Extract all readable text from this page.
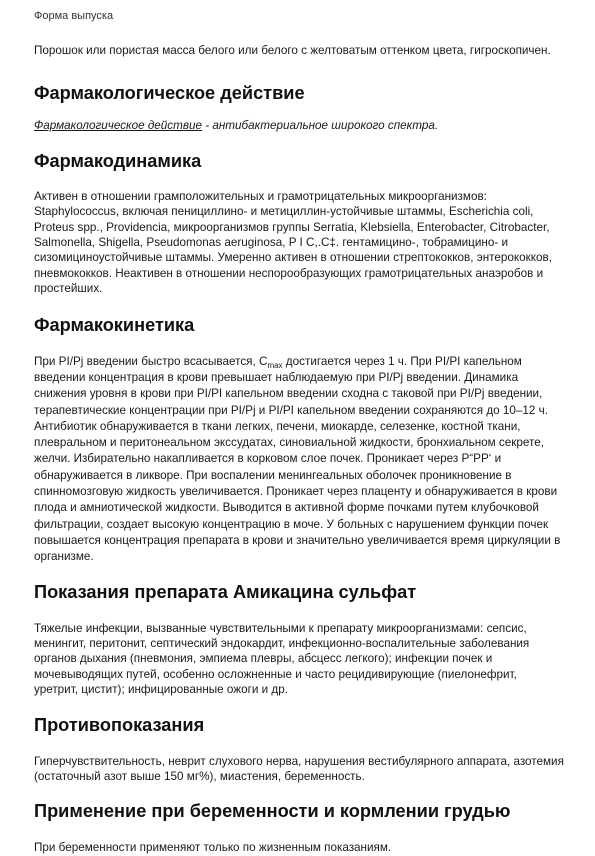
Форма выпуска

Порошок или пористая масса белого или белого с желтоватым оттенком цвета, гигроскопичен.

Фармакологическое действие

Фармакологическое действие - антибактериальное широкого спектра.

Фармакодинамика

Активен в отношении грамположительных и грамотрицательных микроорганизмов: Staphylococcus, включая пенициллино- и метициллин-устойчивые штаммы, Escherichia coli, Proteus spp., Providencia, микроорганизмов группы Serratia, Klebsiella, Enterobacter, Citrobacter, Salmonella, Shigella, Pseudomonas aeruginosa, P I C,.C‡. гентамицино-, тобрамицино- и сизомициноустойчивые штаммы. Умеренно активен в отношении стрептококков, энтерококков, пневмококков. Неактивен в отношении неспорообразующих грамотрицательных анаэробов и простейших.

Фармакокинетика

При PI/Pj введении быстро всасывается, $C_{max}$ достигается через 1 ч. При PI/PI капельном введении концентрация в крови превышает наблюдаемую при PI/Pj введении. Динамика снижения уровня в крови при PI/PI капельном введении сходна с таковой при PI/Pj введении, терапевтические концентрации при PI/Pj и PI/PI капельном введении сохраняются до 10–12 ч. Антибиотик обнаруживается в ткани легких, печени, миокарде, селезенке, костной ткани, плевральном и перитонеальном экссудатах, синовиальной жидкости, бронхиальном секрете, желчи. Избирательно накапливается в корковом слое почек. Проникает через P“PP‘ и обнаруживается в ликворе. При воспалении менингеальных оболочек проникновение в спинномозговую жидкость увеличивается. Проникает через плаценту и обнаруживается в крови плода и амниотической жидкости. Выводится в активной форме почками путем клубочковой фильтрации, создает высокую концентрацию в моче. У больных с нарушением функции почек повышается концентрация препарата в крови и значительно увеличивается время циркуляции в организме.

Показания препарата Амикацина сульфат

Тяжелые инфекции, вызванные чувствительными к препарату микроорганизмами: сепсис, менингит, перитонит, септический эндокардит, инфекционно-воспалительные заболевания органов дыхания (пневмония, эмпиема плевры, абсцесс легкого); инфекции почек и мочевыводящих путей, особенно осложненные и часто рецидивирующие (пиелонефрит, уретрит, цистит); инфицированные ожоги и др.

Противопоказания

Гиперчувствительность, неврит слухового нерва, нарушения вестибулярного аппарата, азотемия (остаточный азот выше 150 мг%), миастения, беременность.

Применение при беременности и кормлении грудью

При беременности применяют только по жизненным показаниям.
